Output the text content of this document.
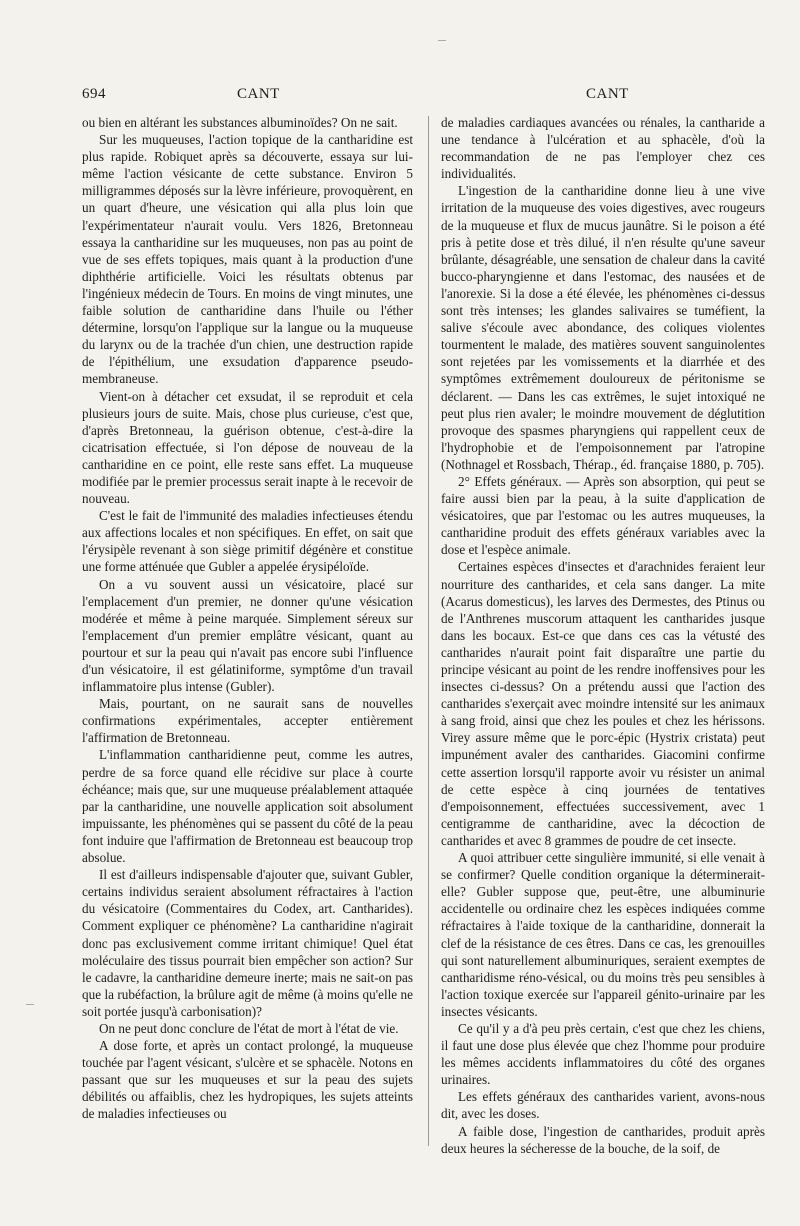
694	CANT	CANT

ou bien en altérant les substances albuminoïdes? On ne sait.

Sur les muqueuses, l'action topique de la cantharidine est plus rapide. Robiquet après sa découverte, essaya sur lui-même l'action vésicante de cette substance. Environ 5 milligrammes déposés sur la lèvre inférieure, provoquèrent, en un quart d'heure, une vésication qui alla plus loin que l'expérimentateur n'aurait voulu. Vers 1826, Bretonneau essaya la cantharidine sur les muqueuses, non pas au point de vue de ses effets topiques, mais quant à la production d'une diphthérie artificielle. Voici les résultats obtenus par l'ingénieux médecin de Tours. En moins de vingt minutes, une faible solution de cantharidine dans l'huile ou l'éther détermine, lorsqu'on l'applique sur la langue ou la muqueuse du larynx ou de la trachée d'un chien, une destruction rapide de l'épithélium, une exsudation d'apparence pseudo-membraneuse.

Vient-on à détacher cet exsudat, il se reproduit et cela plusieurs jours de suite. Mais, chose plus curieuse, c'est que, d'après Bretonneau, la guérison obtenue, c'est-à-dire la cicatrisation effectuée, si l'on dépose de nouveau de la cantharidine en ce point, elle reste sans effet. La muqueuse modifiée par le premier processus serait inapte à le recevoir de nouveau.

C'est le fait de l'immunité des maladies infectieuses étendu aux affections locales et non spécifiques. En effet, on sait que l'érysipèle revenant à son siège primitif dégénère et constitue une forme atténuée que Gubler a appelée érysipéloïde.

On a vu souvent aussi un vésicatoire, placé sur l'emplacement d'un premier, ne donner qu'une vésication modérée et même à peine marquée. Simplement séreux sur l'emplacement d'un premier emplâtre vésicant, quant au pourtour et sur la peau qui n'avait pas encore subi l'influence d'un vésicatoire, il est gélatiniforme, symptôme d'un travail inflammatoire plus intense (Gubler).

Mais, pourtant, on ne saurait sans de nouvelles confirmations expérimentales, accepter entièrement l'affirmation de Bretonneau.

L'inflammation cantharidienne peut, comme les autres, perdre de sa force quand elle récidive sur place à courte échéance; mais que, sur une muqueuse préalablement attaquée par la cantharidine, une nouvelle application soit absolument impuissante, les phénomènes qui se passent du côté de la peau font induire que l'affirmation de Bretonneau est beaucoup trop absolue.

Il est d'ailleurs indispensable d'ajouter que, suivant Gubler, certains individus seraient absolument réfractaires à l'action du vésicatoire (Commentaires du Codex, art. Cantharides). Comment expliquer ce phénomène? La cantharidine n'agirait donc pas exclusivement comme irritant chimique! Quel état moléculaire des tissus pourrait bien empêcher son action? Sur le cadavre, la cantharidine demeure inerte; mais ne sait-on pas que la rubéfaction, la brûlure agit de même (à moins qu'elle ne soit portée jusqu'à carbonisation)?

On ne peut donc conclure de l'état de mort à l'état de vie.

A dose forte, et après un contact prolongé, la muqueuse touchée par l'agent vésicant, s'ulcère et se sphacèle. Notons en passant que sur les muqueuses et sur la peau des sujets débilités ou affaiblis, chez les hydropiques, les sujets atteints de maladies infectieuses ou

de maladies cardiaques avancées ou rénales, la cantharide a une tendance à l'ulcération et au sphacèle, d'où la recommandation de ne pas l'employer chez ces individualités.

L'ingestion de la cantharidine donne lieu à une vive irritation de la muqueuse des voies digestives, avec rougeurs de la muqueuse et flux de mucus jaunâtre. Si le poison a été pris à petite dose et très dilué, il n'en résulte qu'une saveur brûlante, désagréable, une sensation de chaleur dans la cavité bucco-pharyngienne et dans l'estomac, des nausées et de l'anorexie. Si la dose a été élevée, les phénomènes ci-dessus sont très intenses; les glandes salivaires se tuméfient, la salive s'écoule avec abondance, des coliques violentes tourmentent le malade, des matières souvent sanguinolentes sont rejetées par les vomissements et la diarrhée et des symptômes extrêmement douloureux de péritonisme se déclarent. — Dans les cas extrêmes, le sujet intoxiqué ne peut plus rien avaler; le moindre mouvement de déglutition provoque des spasmes pharyngiens qui rappellent ceux de l'hydrophobie et de l'empoisonnement par l'atropine (Nothnagel et Rossbach, Thérap., éd. française 1880, p. 705).

2° Effets généraux. — Après son absorption, qui peut se faire aussi bien par la peau, à la suite d'application de vésicatoires, que par l'estomac ou les autres muqueuses, la cantharidine produit des effets généraux variables avec la dose et l'espèce animale.

Certaines espèces d'insectes et d'arachnides feraient leur nourriture des cantharides, et cela sans danger. La mite (Acarus domesticus), les larves des Dermestes, des Ptinus ou de l'Anthrenes muscorum attaquent les cantharides jusque dans les bocaux. Est-ce que dans ces cas la vétusté des cantharides n'aurait point fait disparaître une partie du principe vésicant au point de les rendre inoffensives pour les insectes ci-dessus? On a prétendu aussi que l'action des cantharides s'exerçait avec moindre intensité sur les animaux à sang froid, ainsi que chez les poules et chez les hérissons. Virey assure même que le porc-épic (Hystrix cristata) peut impunément avaler des cantharides. Giacomini confirme cette assertion lorsqu'il rapporte avoir vu résister un animal de cette espèce à cinq journées de tentatives d'empoisonnement, effectuées successivement, avec 1 centigramme de cantharidine, avec la décoction de cantharides et avec 8 grammes de poudre de cet insecte.

A quoi attribuer cette singulière immunité, si elle venait à se confirmer? Quelle condition organique la déterminerait-elle? Gubler suppose que, peut-être, une albuminurie accidentelle ou ordinaire chez les espèces indiquées comme réfractaires à l'aide toxique de la cantharidine, donnerait la clef de la résistance de ces êtres. Dans ce cas, les grenouilles qui sont naturellement albuminuriques, seraient exemptes de cantharidisme réno-vésical, ou du moins très peu sensibles à l'action toxique exercée sur l'appareil génito-urinaire par les insectes vésicants.

Ce qu'il y a d'à peu près certain, c'est que chez les chiens, il faut une dose plus élevée que chez l'homme pour produire les mêmes accidents inflammatoires du côté des organes urinaires.

Les effets généraux des cantharides varient, avons-nous dit, avec les doses.

A faible dose, l'ingestion de cantharides, produit après deux heures la sécheresse de la bouche, de la soif, de
